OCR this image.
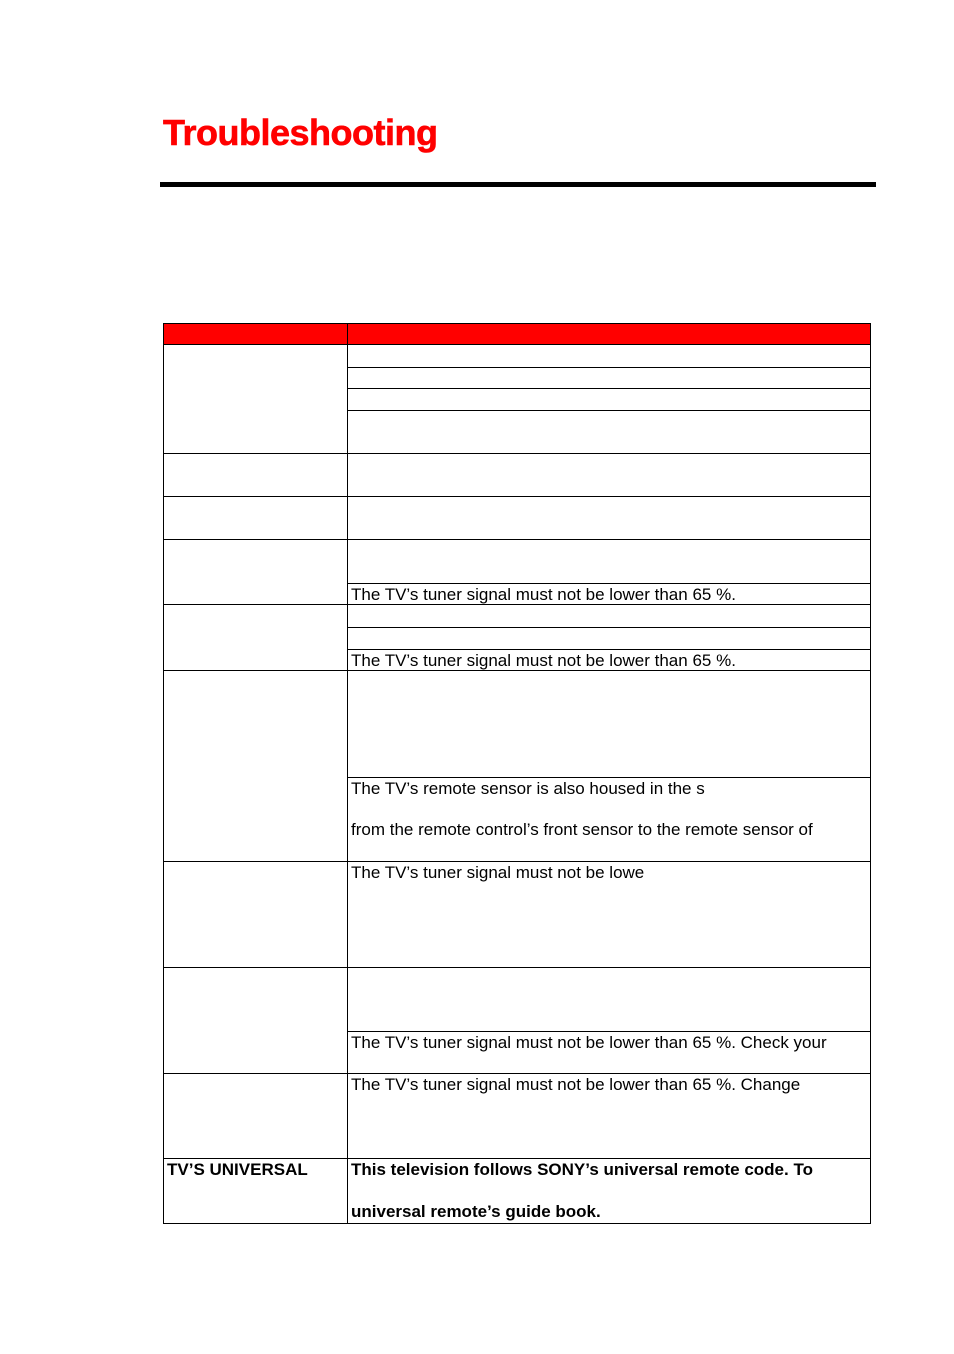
Troubleshooting

	The TV’s tuner signal must not be lower than 65 %.

	The TV’s tuner signal must not be lower than 65 %.

	The TV’s remote sensor is also housed in the s
from the remote control’s front sensor to the remote sensor of

	The TV’s tuner signal must not be lowe

	The TV’s tuner signal must not be lower than 65 %. Check your

	The TV’s tuner signal must not be lower than 65 %. Change

TV’S UNIVERSAL	This television follows SONY’s universal remote code. To
universal remote’s guide book.
